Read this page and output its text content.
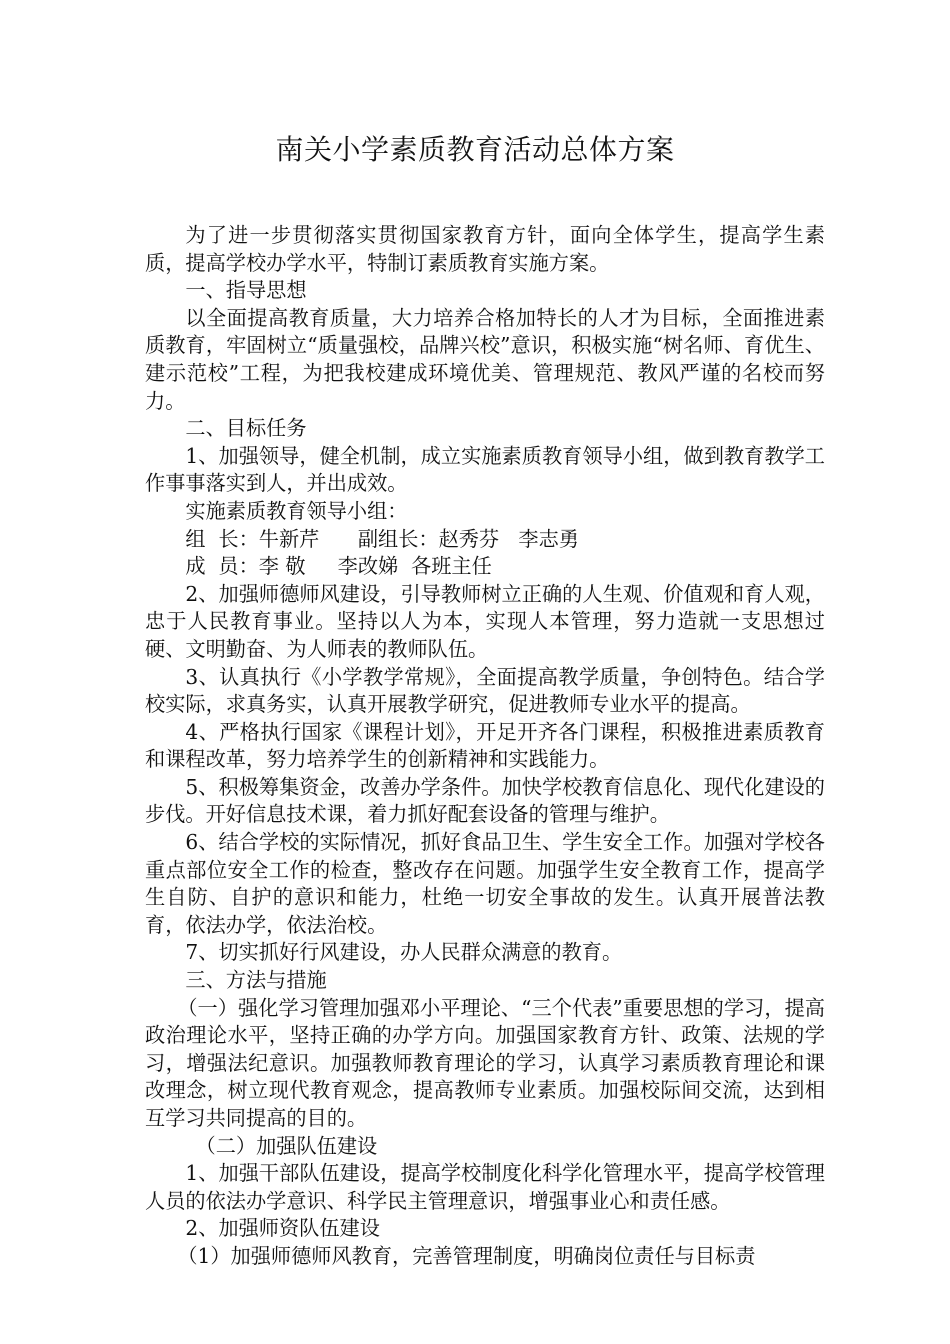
南关小学素质教育活动总体方案

为了进一步贯彻落实贯彻国家教育方针，面向全体学生，提高学生素质，提高学校办学水平，特制订素质教育实施方案。

一、指导思想

以全面提高教育质量，大力培养合格加特长的人才为目标，全面推进素质教育，牢固树立“质量强校，品牌兴校”意识，积极实施“树名师、育优生、建示范校”工程，为把我校建成环境优美、管理规范、教风严谨的名校而努力。

二、目标任务

1、加强领导，健全机制，成立实施素质教育领导小组，做到教育教学工作事事落实到人，并出成效。

实施素质教育领导小组：

组  长：牛新芹      副组长：赵秀芬   李志勇

成  员：李 敬     李改娣  各班主任

2、加强师德师风建设，引导教师树立正确的人生观、价值观和育人观，忠于人民教育事业。坚持以人为本，实现人本管理，努力造就一支思想过硬、文明勤奋、为人师表的教师队伍。

3、认真执行《小学教学常规》，全面提高教学质量，争创特色。结合学校实际，求真务实，认真开展教学研究，促进教师专业水平的提高。

4、严格执行国家《课程计划》，开足开齐各门课程，积极推进素质教育和课程改革，努力培养学生的创新精神和实践能力。

5、积极筹集资金，改善办学条件。加快学校教育信息化、现代化建设的步伐。开好信息技术课，着力抓好配套设备的管理与维护。

6、结合学校的实际情况，抓好食品卫生、学生安全工作。加强对学校各重点部位安全工作的检查，整改存在问题。加强学生安全教育工作，提高学生自防、自护的意识和能力，杜绝一切安全事故的发生。认真开展普法教育，依法办学，依法治校。

7、切实抓好行风建设，办人民群众满意的教育。

三、方法与措施

（一）强化学习管理加强邓小平理论、“三个代表”重要思想的学习，提高政治理论水平，坚持正确的办学方向。加强国家教育方针、政策、法规的学习，增强法纪意识。加强教师教育理论的学习，认真学习素质教育理论和课改理念，树立现代教育观念，提高教师专业素质。加强校际间交流，达到相互学习共同提高的目的。

（二）加强队伍建设

1、加强干部队伍建设，提高学校制度化科学化管理水平，提高学校管理人员的依法办学意识、科学民主管理意识，增强事业心和责任感。

2、加强师资队伍建设

（1）加强师德师风教育，完善管理制度，明确岗位责任与目标责
